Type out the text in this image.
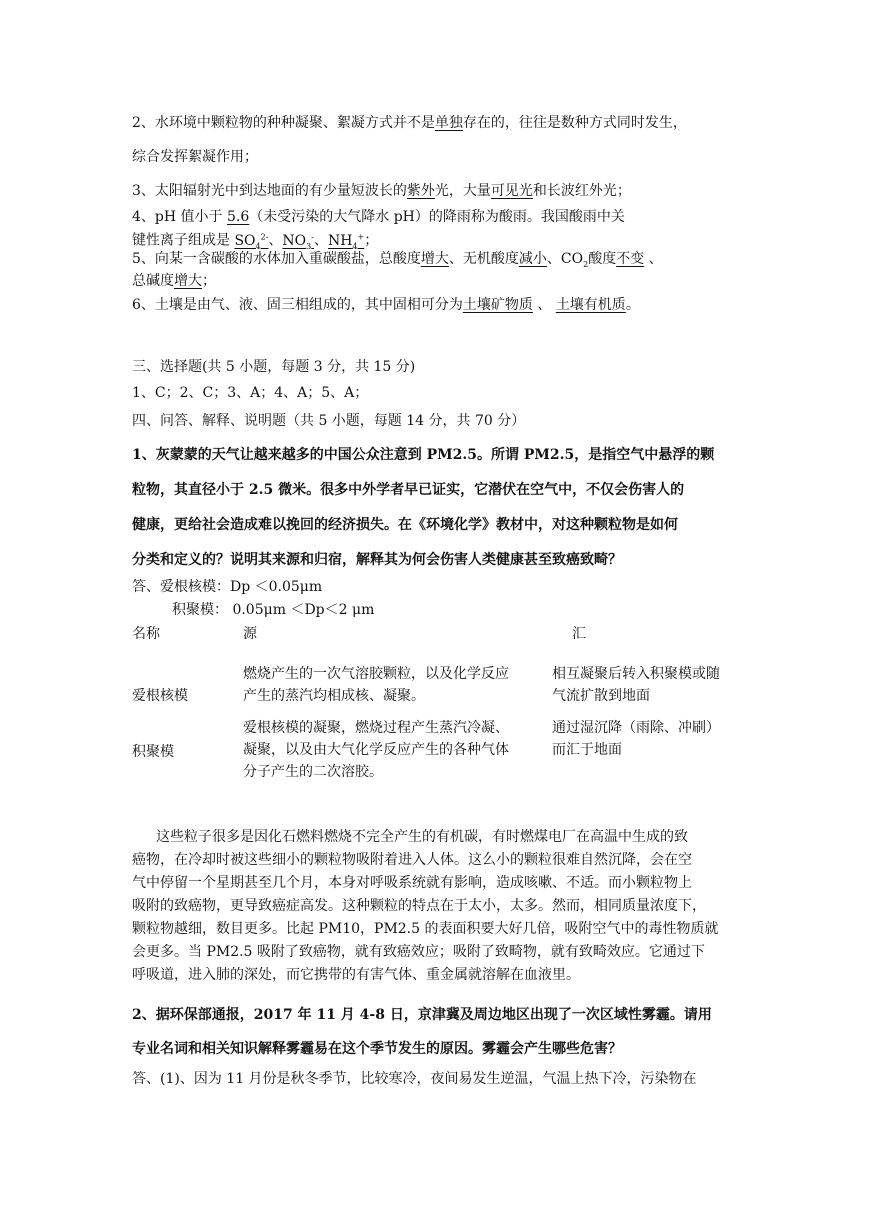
2、水环境中颗粒物的种种凝聚、絮凝方式并不是单独存在的，往往是数种方式同时发生，
综合发挥絮凝作用；
3、太阳辐射光中到达地面的有少量短波长的紫外光，大量可见光和长波红外光；
4、pH 值小于 5.6（未受污染的大气降水 pH）的降雨称为酸雨。我国酸雨中关
键性离子组成是 $SO_4^{2-}$、$NO_3^-$、$NH_4^+$；
5、向某一含碳酸的水体加入重碳酸盐，总酸度增大、无机酸度减小、$CO_2$酸度不变 、
总碱度增大；
6、土壤是由气、液、固三相组成的，其中固相可分为土壤矿物质 、 土壤有机质。
三、选择题(共 5 小题，每题 3 分，共 15 分)
1、C；2、C；3、A；4、A；5、A；
四、问答、解释、说明题（共 5 小题，每题 14 分，共 70 分）
1、灰蒙蒙的天气让越来越多的中国公众注意到 PM2.5。所谓 PM2.5，是指空气中悬浮的颗
粒物，其直径小于 2.5 微米。很多中外学者早已证实，它潜伏在空气中，不仅会伤害人的
健康，更给社会造成难以挽回的经济损失。在《环境化学》教材中，对这种颗粒物是如何
分类和定义的？说明其来源和归宿，解释其为何会伤害人类健康甚至致癌致畸？
答、爱根核模：Dp ＜0.05μm
积聚模： 0.05μm ＜Dp＜2 μm
名称	源	汇
爱根核模
燃烧产生的一次气溶胶颗粒，以及化学反应
产生的蒸汽均相成核、凝聚。
相互凝聚后转入积聚模或随
气流扩散到地面
积聚模
爱根核模的凝聚，燃烧过程产生蒸汽冷凝、
凝聚，以及由大气化学反应产生的各种气体
分子产生的二次溶胶。
通过湿沉降（雨除、冲刷）
而汇于地面
这些粒子很多是因化石燃料燃烧不完全产生的有机碳，有时燃煤电厂在高温中生成的致
癌物，在冷却时被这些细小的颗粒物吸附着进入人体。这么小的颗粒很难自然沉降，会在空
气中停留一个星期甚至几个月，本身对呼吸系统就有影响，造成咳嗽、不适。而小颗粒物上
吸附的致癌物，更导致癌症高发。这种颗粒的特点在于太小，太多。然而，相同质量浓度下，
颗粒物越细，数目更多。比起 PM10，PM2.5 的表面积要大好几倍，吸附空气中的毒性物质就
会更多。当 PM2.5 吸附了致癌物，就有致癌效应；吸附了致畸物，就有致畸效应。它通过下
呼吸道，进入肺的深处，而它携带的有害气体、重金属就溶解在血液里。
2、据环保部通报，2017 年 11 月 4-8 日，京津冀及周边地区出现了一次区域性雾霾。请用
专业名词和相关知识解释雾霾易在这个季节发生的原因。雾霾会产生哪些危害？
答、(1)、因为 11 月份是秋冬季节，比较寒冷，夜间易发生逆温，气温上热下冷，污染物在
